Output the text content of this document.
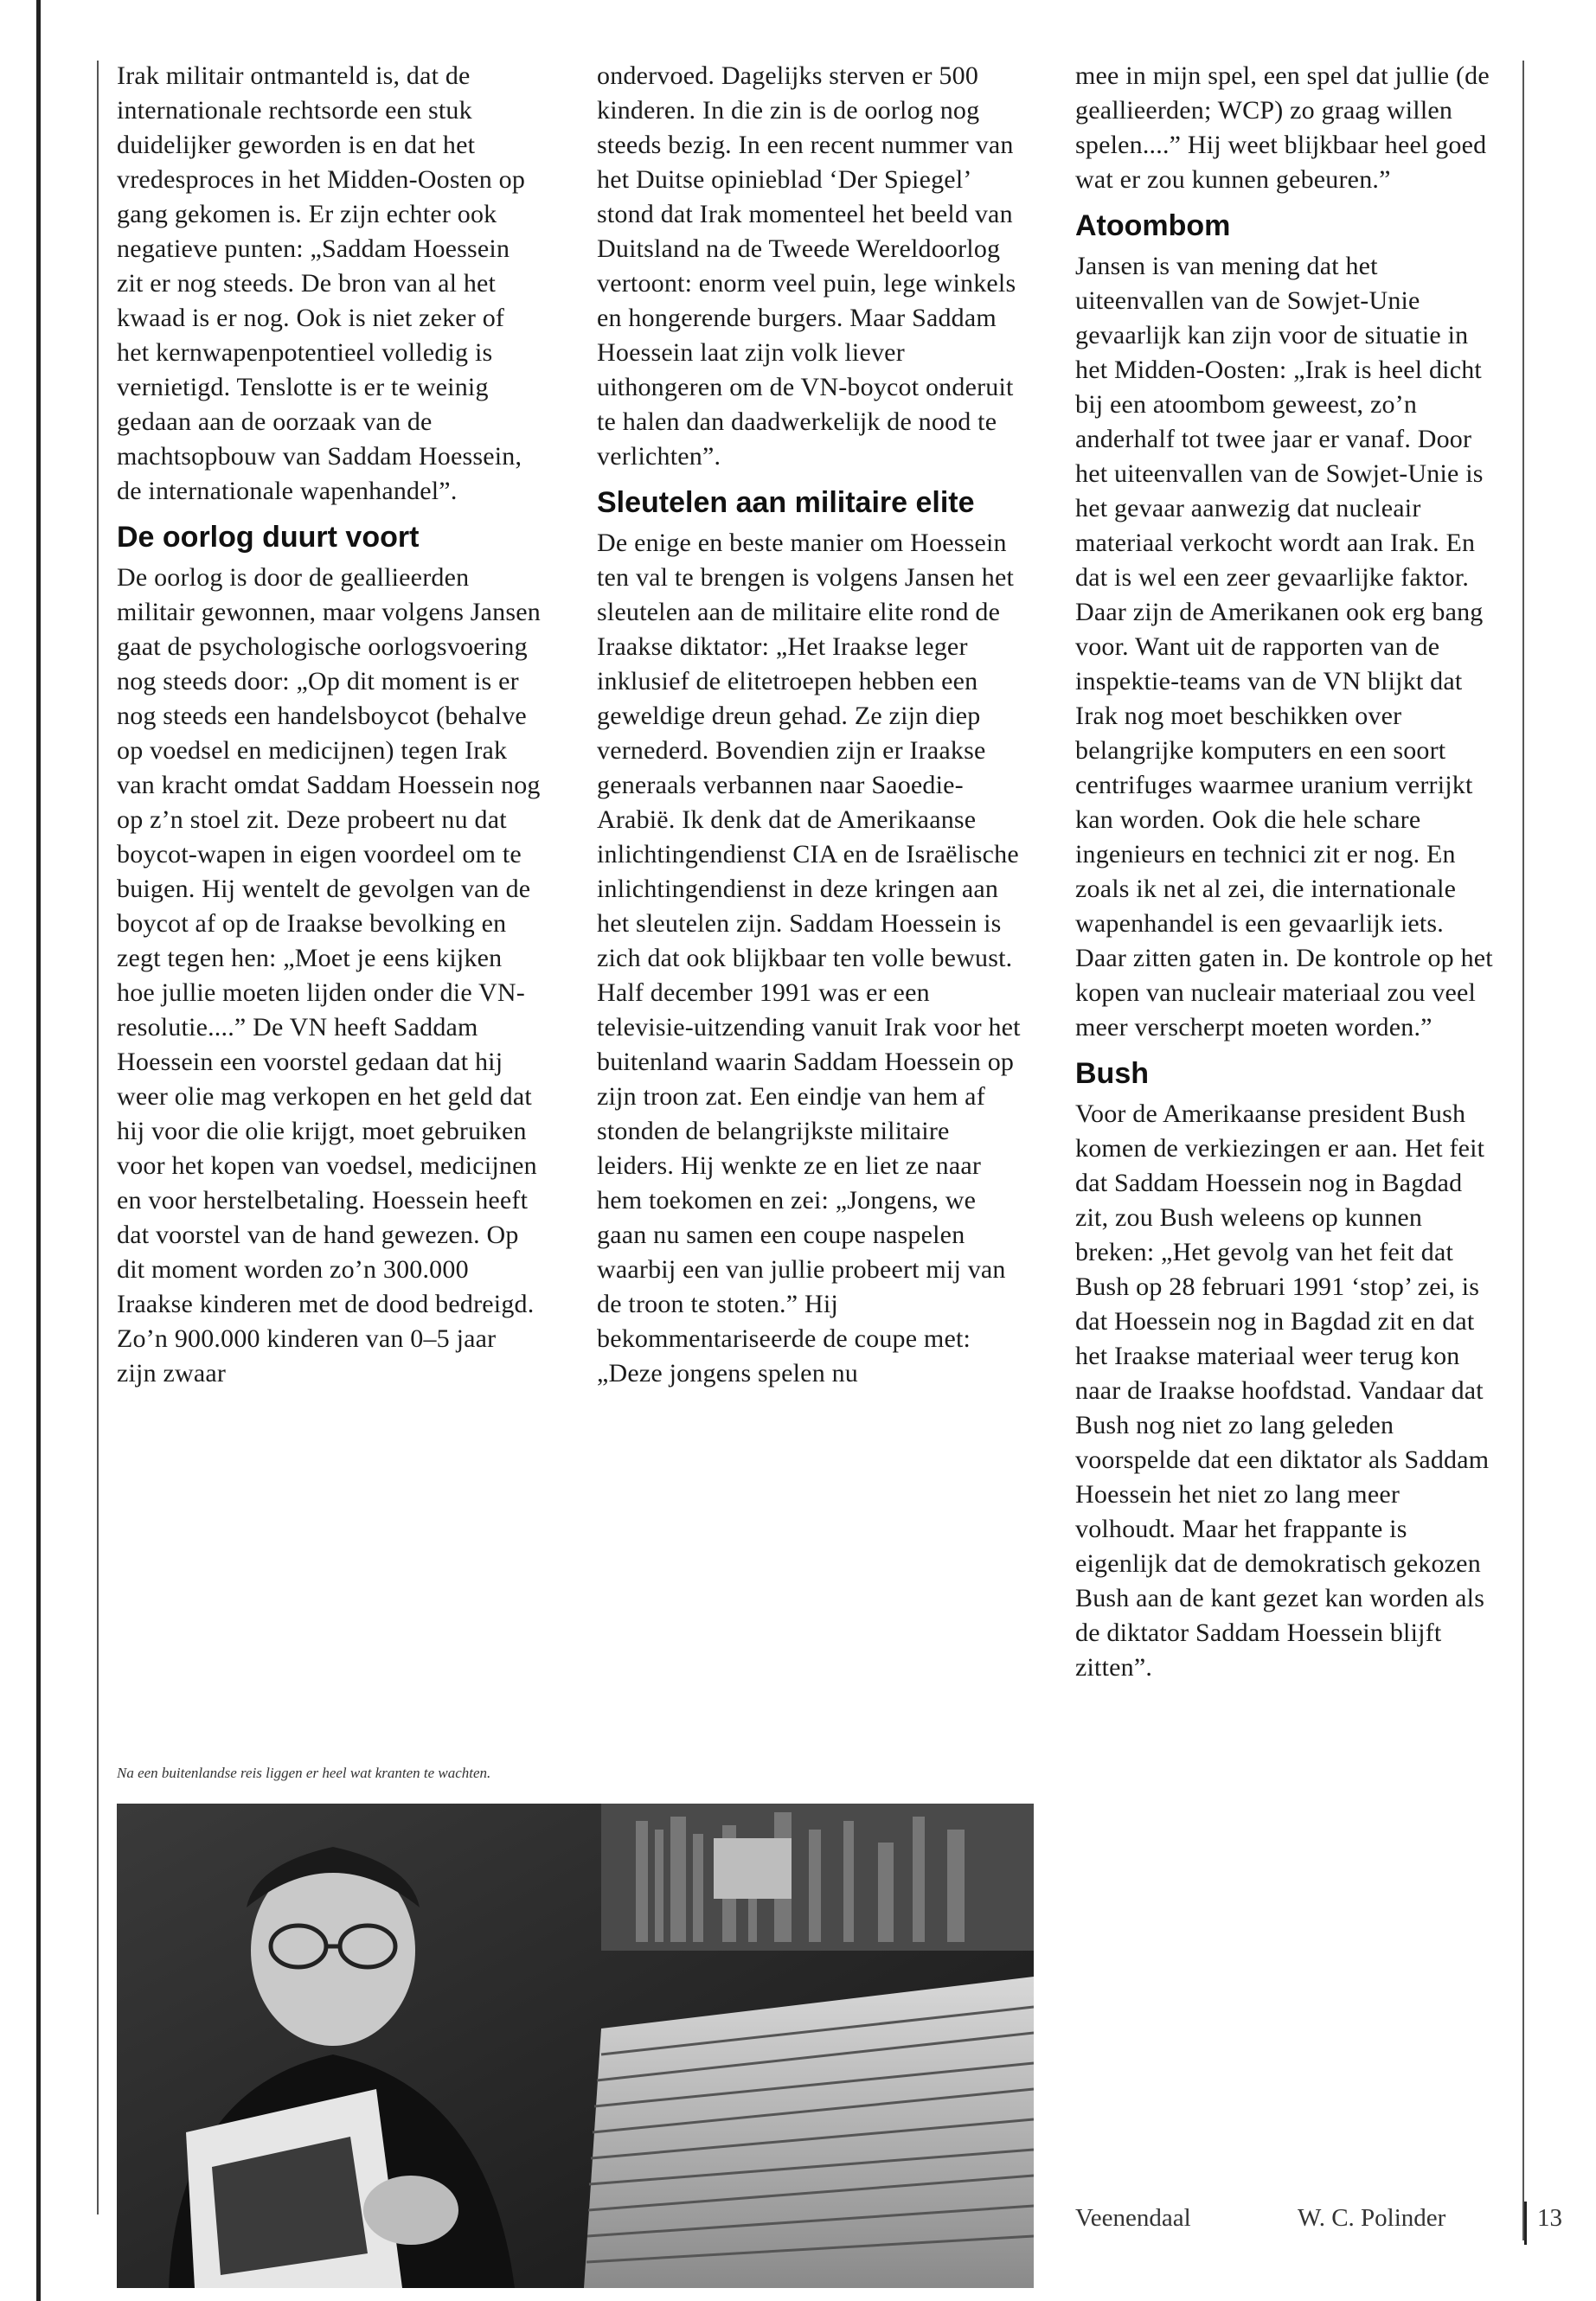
Irak militair ontmanteld is, dat de internationale rechtsorde een stuk duidelijker geworden is en dat het vredesproces in het Midden-Oosten op gang gekomen is. Er zijn echter ook negatieve punten: „Saddam Hoessein zit er nog steeds. De bron van al het kwaad is er nog. Ook is niet zeker of het kernwapenpotentieel volledig is vernietigd. Tenslotte is er te weinig gedaan aan de oorzaak van de machtsopbouw van Saddam Hoessein, de internationale wapenhandel”.

De oorlog duurt voort

De oorlog is door de geallieerden militair gewonnen, maar volgens Jansen gaat de psychologische oorlogsvoering nog steeds door: „Op dit moment is er nog steeds een handelsboycot (behalve op voedsel en medicijnen) tegen Irak van kracht omdat Saddam Hoessein nog op z’n stoel zit. Deze probeert nu dat boycot-wapen in eigen voordeel om te buigen. Hij wentelt de gevolgen van de boycot af op de Iraakse bevolking en zegt tegen hen: „Moet je eens kijken hoe jullie moeten lijden onder die VN-resolutie....” De VN heeft Saddam Hoessein een voorstel gedaan dat hij weer olie mag verkopen en het geld dat hij voor die olie krijgt, moet gebruiken voor het kopen van voedsel, medicijnen en voor herstelbetaling. Hoessein heeft dat voorstel van de hand gewezen. Op dit moment worden zo’n 300.000 Iraakse kinderen met de dood bedreigd. Zo’n 900.000 kinderen van 0–5 jaar zijn zwaar

ondervoed. Dagelijks sterven er 500 kinderen. In die zin is de oorlog nog steeds bezig. In een recent nummer van het Duitse opinieblad ‘Der Spiegel’ stond dat Irak momenteel het beeld van Duitsland na de Tweede Wereldoorlog vertoont: enorm veel puin, lege winkels en hongerende burgers. Maar Saddam Hoessein laat zijn volk liever uithongeren om de VN-boycot onderuit te halen dan daadwerkelijk de nood te verlichten”.

Sleutelen aan militaire elite

De enige en beste manier om Hoessein ten val te brengen is volgens Jansen het sleutelen aan de militaire elite rond de Iraakse diktator: „Het Iraakse leger inklusief de elitetroepen hebben een geweldige dreun gehad. Ze zijn diep vernederd. Bovendien zijn er Iraakse generaals verbannen naar Saoedie-Arabië. Ik denk dat de Amerikaanse inlichtingendienst CIA en de Israëlische inlichtingendienst in deze kringen aan het sleutelen zijn. Saddam Hoessein is zich dat ook blijkbaar ten volle bewust. Half december 1991 was er een televisie-uitzending vanuit Irak voor het buitenland waarin Saddam Hoessein op zijn troon zat. Een eindje van hem af stonden de belangrijkste militaire leiders. Hij wenkte ze en liet ze naar hem toekomen en zei: „Jongens, we gaan nu samen een coupe naspelen waarbij een van jullie probeert mij van de troon te stoten.” Hij bekommentariseerde de coupe met: „Deze jongens spelen nu

mee in mijn spel, een spel dat jullie (de geallieerden; WCP) zo graag willen spelen....” Hij weet blijkbaar heel goed wat er zou kunnen gebeuren.”

Atoombom

Jansen is van mening dat het uiteenvallen van de Sowjet-Unie gevaarlijk kan zijn voor de situatie in het Midden-Oosten: „Irak is heel dicht bij een atoombom geweest, zo’n anderhalf tot twee jaar er vanaf. Door het uiteenvallen van de Sowjet-Unie is het gevaar aanwezig dat nucleair materiaal verkocht wordt aan Irak. En dat is wel een zeer gevaarlijke faktor. Daar zijn de Amerikanen ook erg bang voor. Want uit de rapporten van de inspektie-teams van de VN blijkt dat Irak nog moet beschikken over belangrijke komputers en een soort centrifuges waarmee uranium verrijkt kan worden. Ook die hele schare ingenieurs en technici zit er nog. En zoals ik net al zei, die internationale wapenhandel is een gevaarlijk iets. Daar zitten gaten in. De kontrole op het kopen van nucleair materiaal zou veel meer verscherpt moeten worden.”

Bush

Voor de Amerikaanse president Bush komen de verkiezingen er aan. Het feit dat Saddam Hoessein nog in Bagdad zit, zou Bush weleens op kunnen breken: „Het gevolg van het feit dat Bush op 28 februari 1991 ‘stop’ zei, is dat Hoessein nog in Bagdad zit en dat het Iraakse materiaal weer terug kon naar de Iraakse hoofdstad. Vandaar dat Bush nog niet zo lang geleden voorspelde dat een diktator als Saddam Hoessein het niet zo lang meer volhoudt. Maar het frappante is eigenlijk dat de demokratisch gekozen Bush aan de kant gezet kan worden als de diktator Saddam Hoessein blijft zitten”.

Na een buitenlandse reis liggen er heel wat kranten te wachten.
Veenendaal	W. C. Polinder	13
